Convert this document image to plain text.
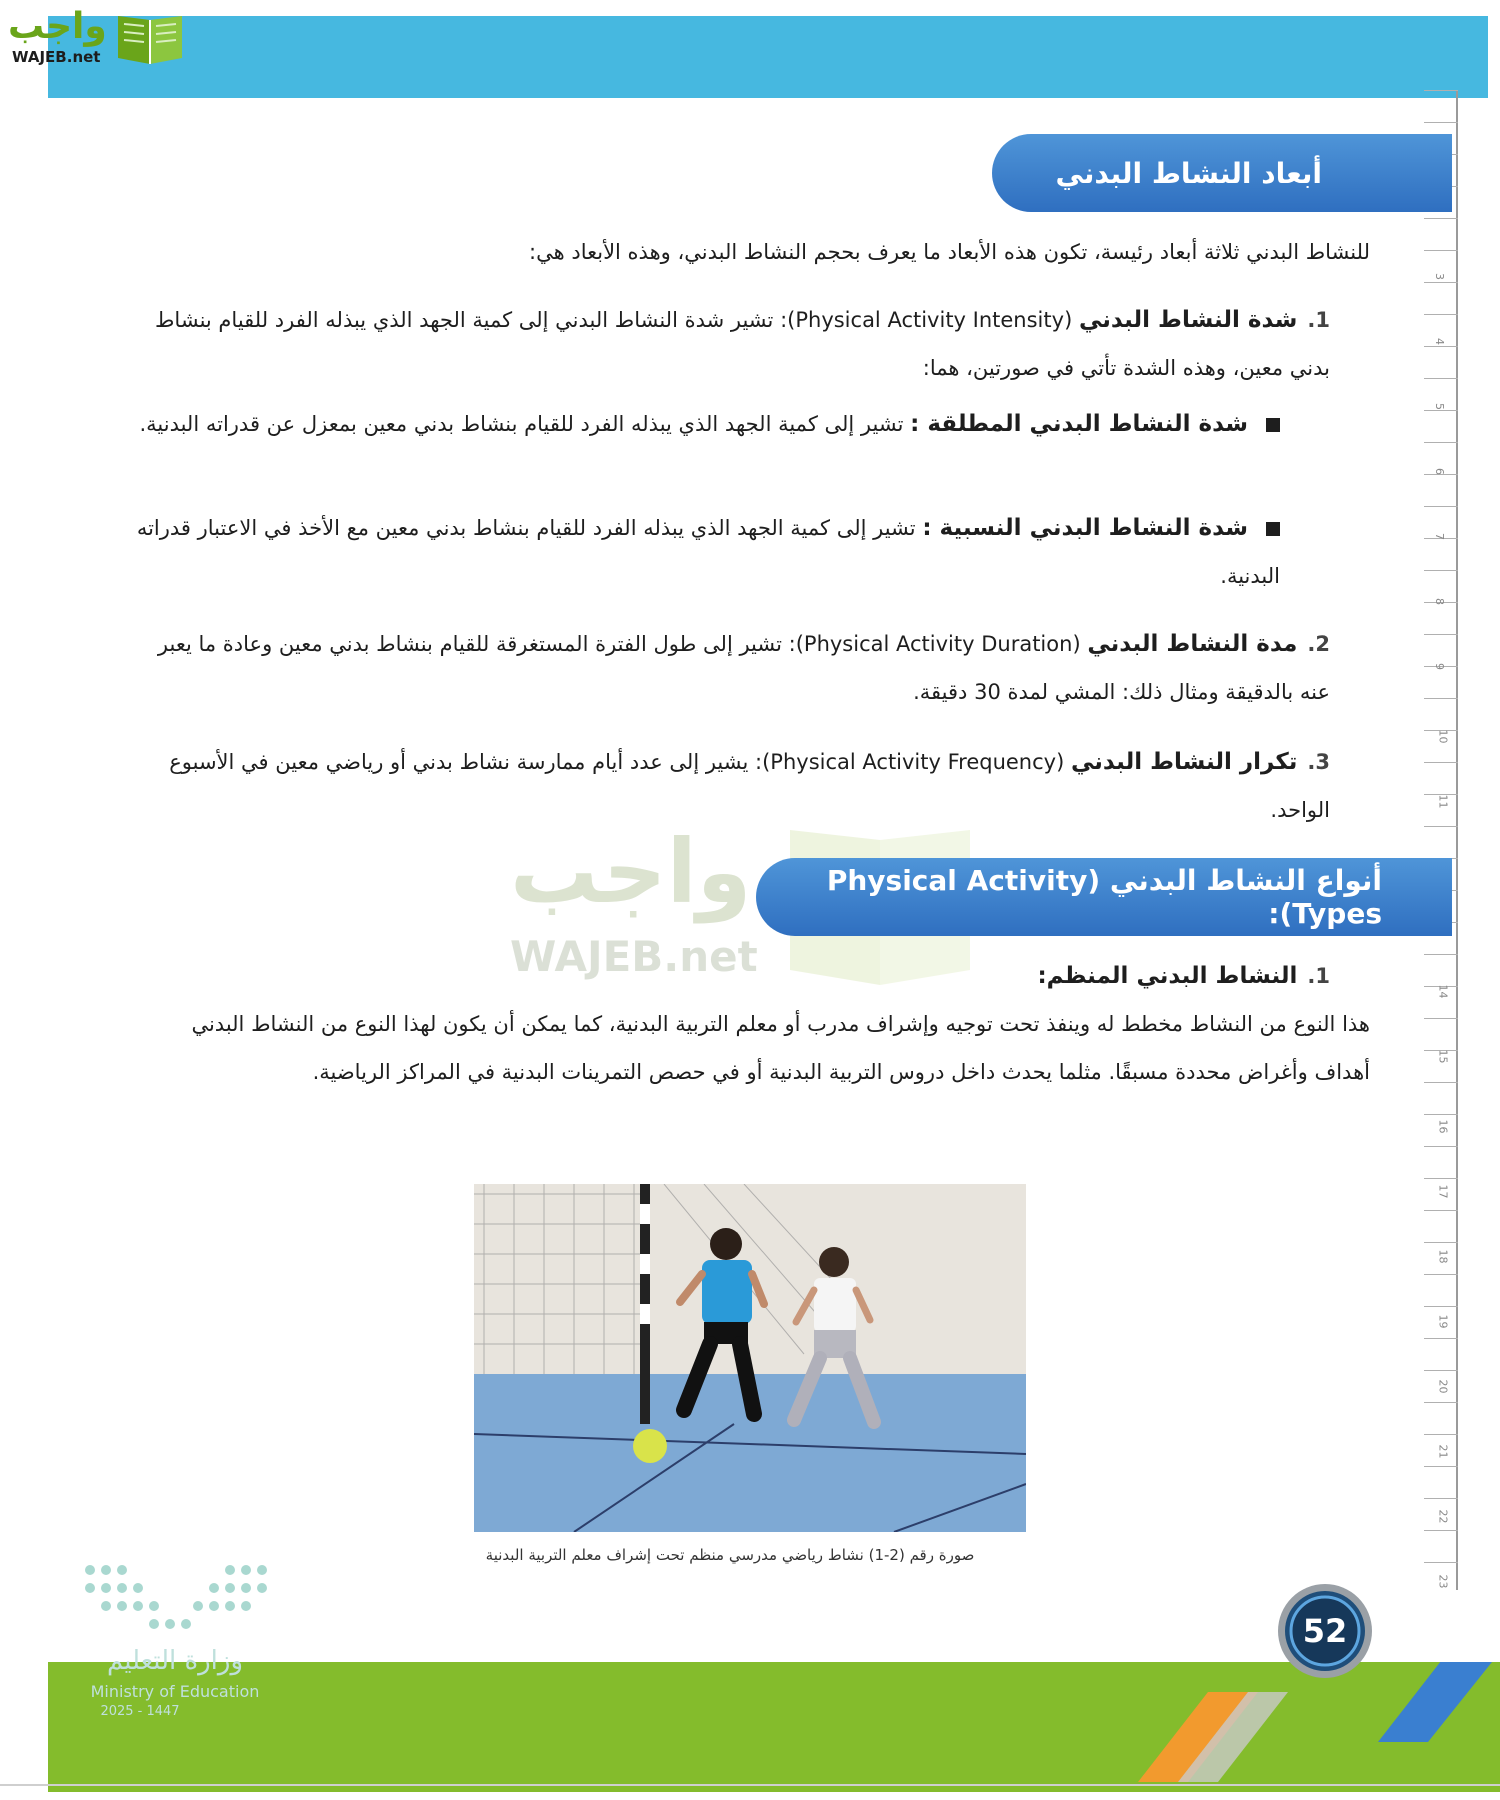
واجب
WAJEB.net
3
4
5
6
7
8
9
10
11
14
15
16
17
18
19
20
21
22
23
أبعاد النشاط البدني
للنشاط البدني ثلاثة أبعاد رئيسة، تكون هذه الأبعاد ما يعرف بحجم النشاط البدني، وهذه الأبعاد هي:
1.شدة النشاط البدني (Physical Activity Intensity): تشير شدة النشاط البدني إلى كمية الجهد الذي يبذله الفرد للقيام بنشاط بدني معين، وهذه الشدة تأتي في صورتين، هما:
شدة النشاط البدني المطلقة : تشير إلى كمية الجهد الذي يبذله الفرد للقيام بنشاط بدني معين بمعزل عن قدراته البدنية.
شدة النشاط البدني النسبية : تشير إلى كمية الجهد الذي يبذله الفرد للقيام بنشاط بدني معين مع الأخذ في الاعتبار قدراته البدنية.
2.مدة النشاط البدني (Physical Activity Duration): تشير إلى طول الفترة المستغرقة للقيام بنشاط بدني معين وعادة ما يعبر عنه بالدقيقة ومثال ذلك: المشي لمدة 30 دقيقة.
3.تكرار النشاط البدني (Physical Activity Frequency): يشير إلى عدد أيام ممارسة نشاط بدني أو رياضي معين في الأسبوع الواحد.
واجب
WAJEB.net
أنواع النشاط البدني (Physical Activity Types):
1.النشاط البدني المنظم:
هذا النوع من النشاط مخطط له وينفذ تحت توجيه وإشراف مدرب أو معلم التربية البدنية، كما يمكن أن يكون لهذا النوع من النشاط البدني أهداف وأغراض محددة مسبقًا. مثلما يحدث داخل دروس التربية البدنية أو في حصص التمرينات البدنية في المراكز الرياضية.
صورة رقم (2-1) نشاط رياضي مدرسي منظم تحت إشراف معلم التربية البدنية
وزارة التعليم
Ministry of Education
2025 - 1447
52
